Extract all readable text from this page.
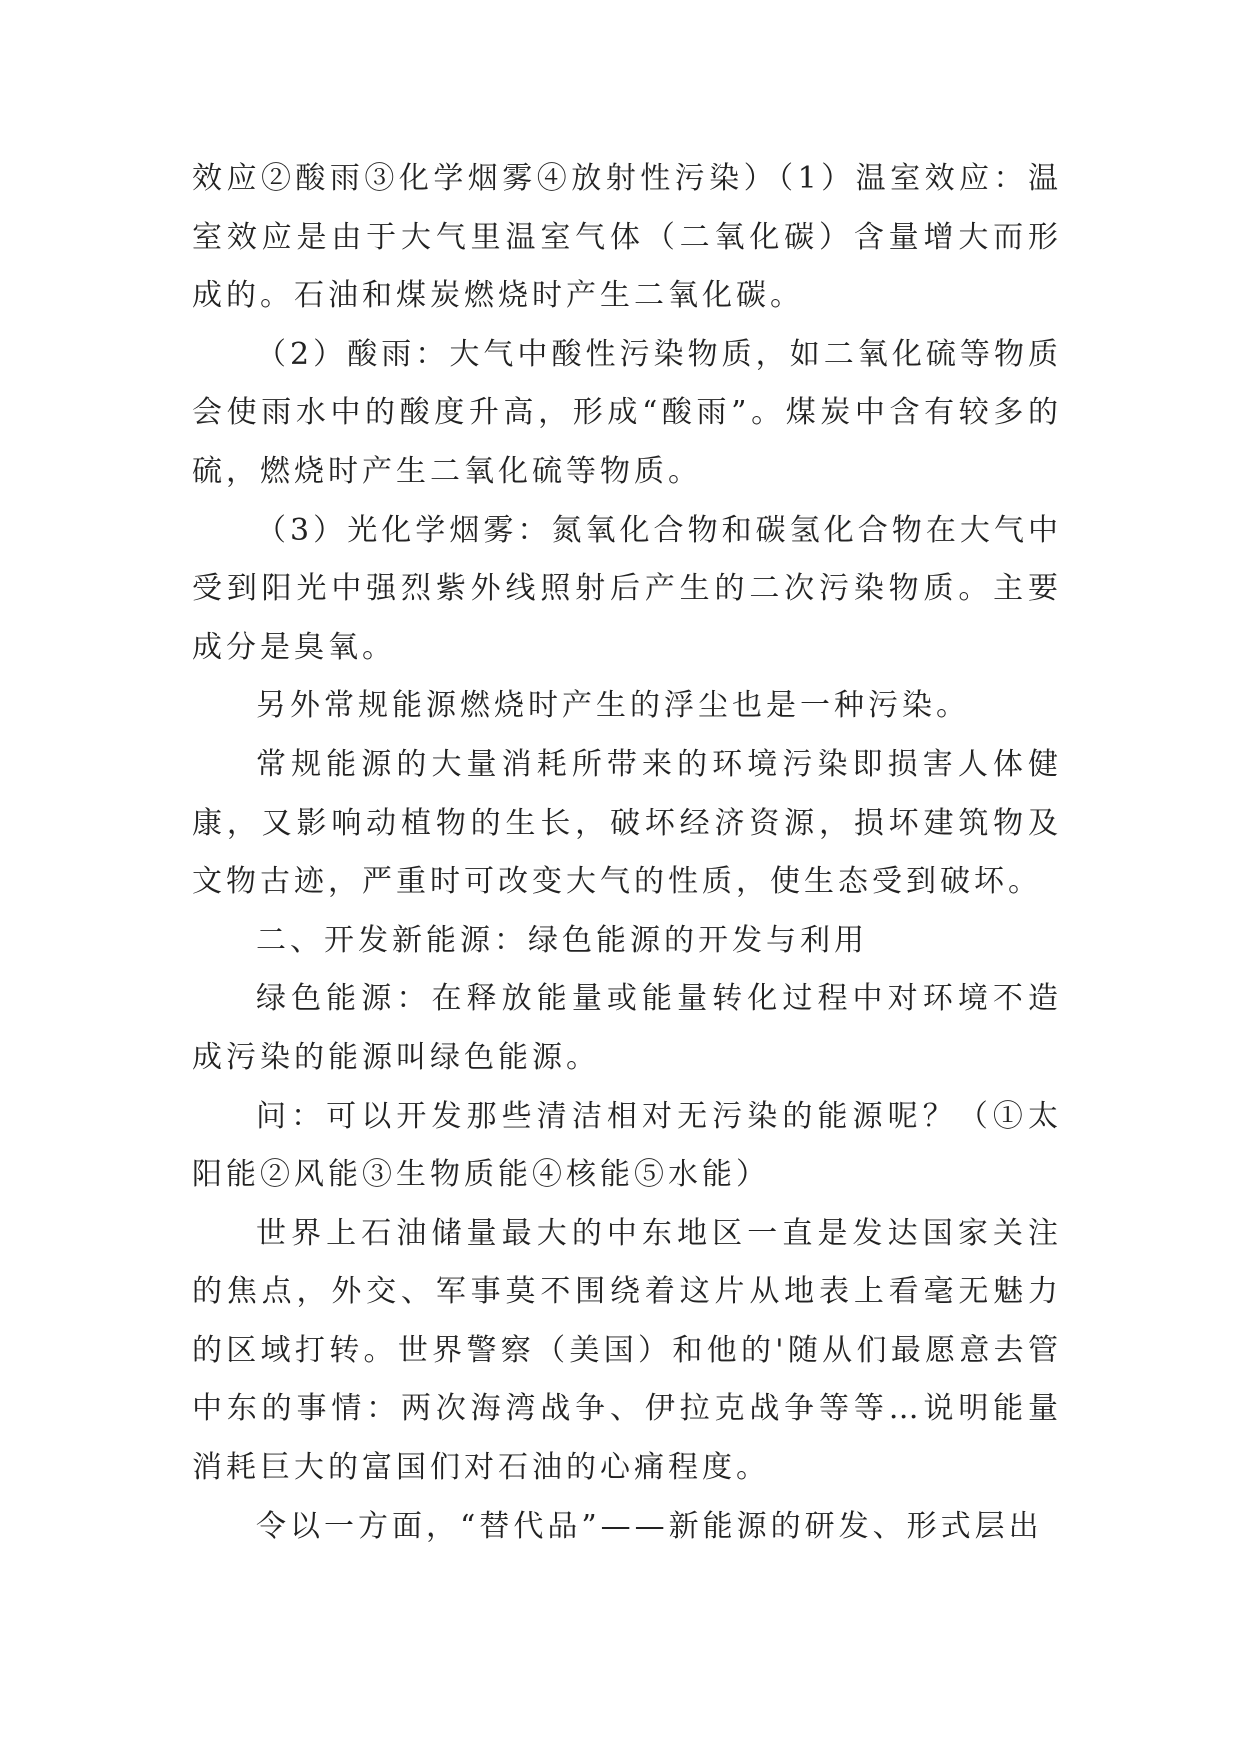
效应②酸雨③化学烟雾④放射性污染）（1）温室效应：温室效应是由于大气里温室气体（二氧化碳）含量增大而形成的。石油和煤炭燃烧时产生二氧化碳。

（2）酸雨：大气中酸性污染物质，如二氧化硫等物质会使雨水中的酸度升高，形成“酸雨”。煤炭中含有较多的硫，燃烧时产生二氧化硫等物质。

（3）光化学烟雾：氮氧化合物和碳氢化合物在大气中受到阳光中强烈紫外线照射后产生的二次污染物质。主要成分是臭氧。

另外常规能源燃烧时产生的浮尘也是一种污染。

常规能源的大量消耗所带来的环境污染即损害人体健康，又影响动植物的生长，破坏经济资源，损坏建筑物及文物古迹，严重时可改变大气的性质，使生态受到破坏。

二、开发新能源：绿色能源的开发与利用

绿色能源：在释放能量或能量转化过程中对环境不造成污染的能源叫绿色能源。

问：可以开发那些清洁相对无污染的能源呢？（①太阳能②风能③生物质能④核能⑤水能）

世界上石油储量最大的中东地区一直是发达国家关注的焦点，外交、军事莫不围绕着这片从地表上看毫无魅力的区域打转。世界警察（美国）和他的'随从们最愿意去管中东的事情：两次海湾战争、伊拉克战争等等…说明能量消耗巨大的富国们对石油的心痛程度。

令以一方面，“替代品”——新能源的研发、形式层出
